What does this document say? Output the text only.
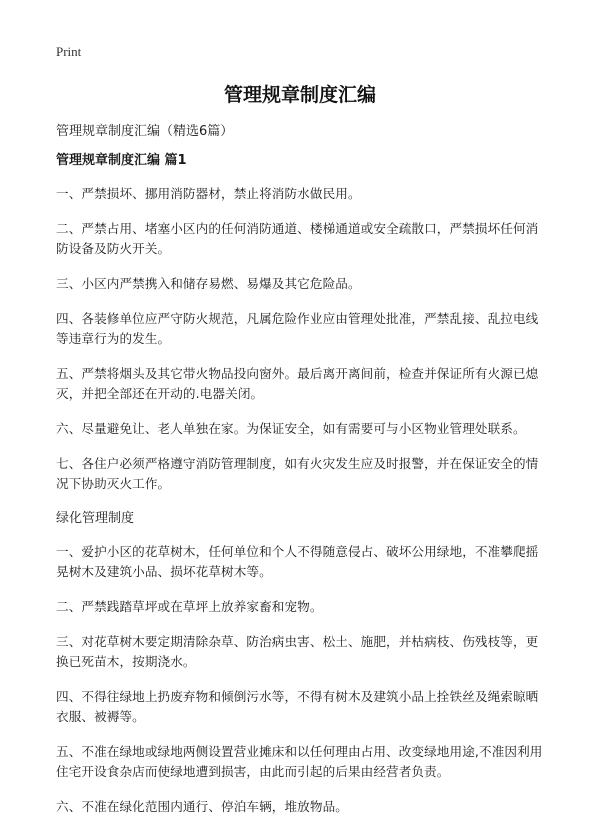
Print
管理规章制度汇编

管理规章制度汇编（精选6篇）

管理规章制度汇编 篇1

一、严禁损坏、挪用消防器材，禁止将消防水做民用。

二、严禁占用、堵塞小区内的任何消防通道、楼梯通道或安全疏散口，严禁损坏任何消防设备及防火开关。

三、小区内严禁携入和储存易燃、易爆及其它危险品。

四、各装修单位应严守防火规范，凡属危险作业应由管理处批准，严禁乱接、乱拉电线等违章行为的发生。

五、严禁将烟头及其它带火物品投向窗外。最后离开离间前，检查并保证所有火源已熄灭，并把全部还在开动的.电器关闭。

六、尽量避免让、老人单独在家。为保证安全，如有需要可与小区物业管理处联系。

七、各住户必须严格遵守消防管理制度，如有火灾发生应及时报警，并在保证安全的情况下协助灭火工作。

绿化管理制度

一、爱护小区的花草树木，任何单位和个人不得随意侵占、破坏公用绿地，不准攀爬摇晃树木及建筑小品、损坏花草树木等。

二、严禁践踏草坪或在草坪上放养家畜和宠物。

三、对花草树木要定期清除杂草、防治病虫害、松土、施肥，并枯病枝、伤残枝等，更换已死苗木，按期浇水。

四、不得往绿地上扔废弃物和倾倒污水等，不得有树木及建筑小品上拴铁丝及绳索晾晒衣服、被褥等。

五、不准在绿地或绿地两侧设置营业摊床和以任何理由占用、改变绿地用途,不准因利用住宅开设食杂店而使绿地遭到损害，由此而引起的后果由经营者负责。

六、不准在绿化范围内通行、停泊车辆，堆放物品。
